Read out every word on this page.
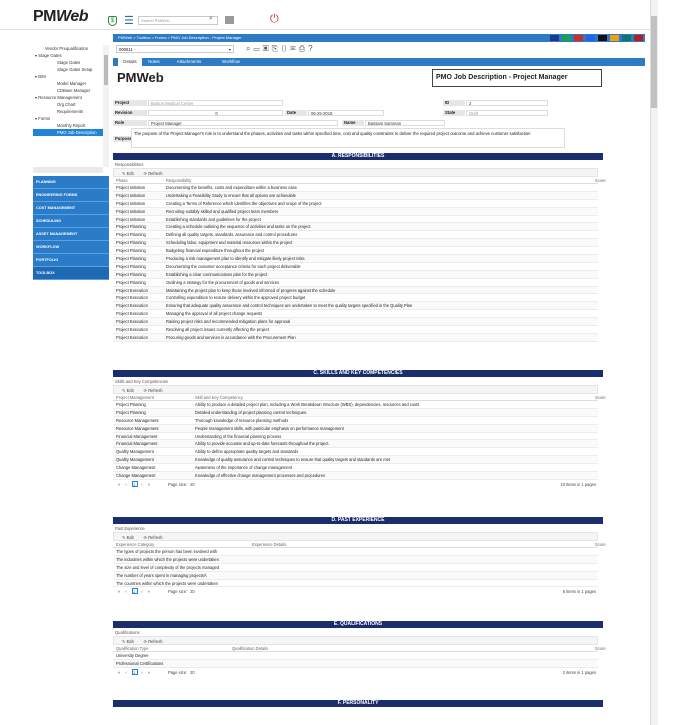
PMWeb	$ ☰	Search PMWeb...	⌕	⏻
Vendor Prequalification
▾ Stage Gates
Stage Gates
Stage Gates Setup
▾ BIM
Model Manager
CDBase Manager
▾ Resource Management
Org Chart
Requirements
▾ Forms
Monthly Report
PMO Job Description
PLANNING
ENGINEERING FORMS
COST MANAGEMENT
SCHEDULING
ASSET MANAGEMENT
WORKFLOW
PORTFOLIO
TOOLBOX
PMWeb > Toolbox > Forms > PMO Job Description - Project Manager
000611 -	▾ ⌕▭▣⎘▯✉⎙?
Details	Notes	Attachments	Workflow
PMWeb	PMO Job Description - Project Manager
Project	Boston Medical Center	ID	2
Revision	0	Date	06-25-2018	State	Draft
Role	Project Manager	Name	Bassam Samman
Purpose
The purpose of the Project Manager's role is to understand the phases, activities and tasks within specified time, cost and quality constraints to deliver the required project outcome and achieve customer satisfaction
A. RESPONSIBILITIES
Responsibilities
✎ Edit ⟳ Refresh
Phase	Responsibility	Score
Project Initiation	Documenting the benefits, costs and expenditure within a business case
Project Initiation	Undertaking a Feasibility Study to ensure that all options are achievable
Project Initiation	Creating a Terms of Reference which identifies the objectives and scope of the project
Project Initiation	Recruiting suitably skilled and qualified project team members
Project Initiation	Establishing standards and guidelines for the project
Project Planning	Creating a schedule outlining the sequence of activities and tasks on the project
Project Planning	Defining all quality targets, standards, assurance and control procedures
Project Planning	Scheduling labor, equipment and material resources within the project
Project Planning	Budgeting financial expenditure throughout the project
Project Planning	Producing a risk management plan to identify and mitigate likely project risks
Project Planning	Documenting the customer acceptance criteria for each project deliverable
Project Planning	Establishing a clear communications plan for the project
Project Planning	Outlining a strategy for the procurement of goods and services
Project Execution	Maintaining the project plan to keep those involved informed of progress against the schedule
Project Execution	Controlling expenditure to ensure delivery within the approved project budget
Project Execution	Ensuring that adequate quality assurance and control techniques are undertaken to meet the quality targets specified in the Quality Plan
Project Execution	Managing the approval of all project change requests
Project Execution	Raising project risks and recommended mitigation plans for approval
Project Execution	Resolving all project issues currently affecting the project
Project Execution	Procuring goods and services in accordance with the Procurement Plan
C. SKILLS AND KEY COMPETENCIES
Skills and Key Competencies
✎ Edit ⟳ Refresh
Project Management	Skill and Key Competency	Score
Project Planning	Ability to produce a detailed project plan, including a Work Breakdown Structure (WBS), dependencies, resources and costs
Project Planning	Detailed understanding of project planning control techniques.
Resource Management	Thorough knowledge of resource planning methods
Resource Management	People management skills, with particular emphasis on performance management
Financial Management	Understanding of the financial planning process
Financial Management	Ability to provide accurate and up-to-date forecasts throughout the project.
Quality Management	Ability to define appropriate quality targets and standards
Quality Management	Knowledge of quality assurance and control techniques to ensure that quality targets and standards are met
Change Management	Awareness of the importance of change management
Change Management	Knowledge of effective change management processes and procedures
« ‹ 1 › »	Page size: 20	10 items in 1 pages
D. PAST EXPERIENCE
Past Experience
✎ Edit ⟳ Refresh
Experience Category	Experience Details	Score
The types of projects the person has been involved with
The industries within which the projects were undertaken
The size and level of complexity of the projects managed
The number of years spent in managing projectsÂ
The countries within which the projects were undertaken
« ‹ 1 › »	Page size: 20	5 items in 1 pages
E. QUALIFICATIONS
Qualifications
✎ Edit ⟳ Refresh
Qualification Type	Qualification Details	Score
University Degree
Professional Certifications
« ‹ 1 › »	Page size: 20	2 items in 1 pages
F. PERSONALITY
